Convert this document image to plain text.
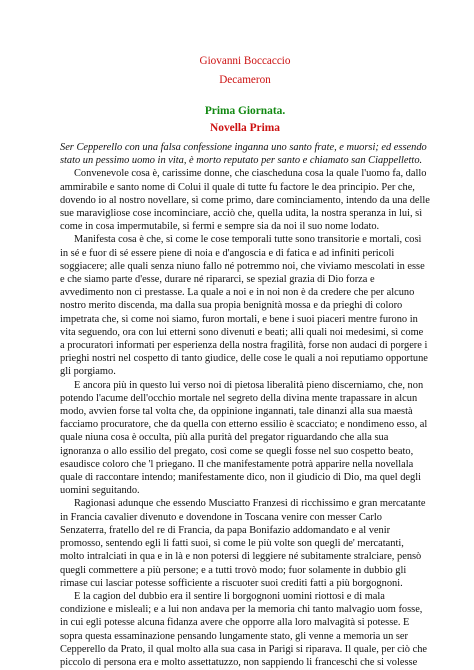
Giovanni Boccaccio
Decameron
Prima Giornata.
Novella Prima

Ser Cepperello con una falsa confessione inganna uno santo frate, e muorsi; ed essendo stato un pessimo uomo in vita, è morto reputato per santo e chiamato san Ciappelletto.

Convenevole cosa è, carissime donne, che ciascheduna cosa la quale l'uomo fa, dallo ammirabile e santo nome di Colui il quale di tutte fu factore le dea principio. Per che, dovendo io al nostro novellare, sì come primo, dare cominciamento, intendo da una delle sue maravigliose cose incominciare, acciò che, quella udita, la nostra speranza in lui, sì come in cosa impermutabile, si fermi e sempre sia da noi il suo nome lodato.

Manifesta cosa è che, sì come le cose temporali tutte sono transitorie e mortali, così in sé e fuor di sé essere piene di noia e d'angoscia e di fatica e ad infiniti pericoli soggiacere; alle quali senza niuno fallo né potremmo noi, che viviamo mescolati in esse e che siamo parte d'esse, durare né ripararci, se spezial grazia di Dio forza e avvedimento non ci prestasse. La quale a noi e in noi non è da credere che per alcuno nostro merito discenda, ma dalla sua propia benignità mossa e da prieghi di coloro impetrata che, sì come noi siamo, furon mortali, e bene i suoi piaceri mentre furono in vita seguendo, ora con lui etterni sono divenuti e beati; alli quali noi medesimi, sì come a procuratori informati per esperienza della nostra fragilità, forse non audaci di porgere i prieghi nostri nel cospetto di tanto giudice, delle cose le quali a noi reputiamo opportune gli porgiamo.

E ancora più in questo lui verso noi di pietosa liberalità pieno discerniamo, che, non potendo l'acume dell'occhio mortale nel segreto della divina mente trapassare in alcun modo, avvien forse tal volta che, da oppinione ingannati, tale dinanzi alla sua maestà facciamo procuratore, che da quella con etterno essilio è scacciato; e nondimeno esso, al quale niuna cosa è occulta, più alla purità del pregator riguardando che alla sua ignoranza o allo essilio del pregato, così come se quegli fosse nel suo cospetto beato, esaudisce coloro che 'l priegano. Il che manifestamente potrà apparire nella novellala quale di raccontare intendo; manifestamente dico, non il giudicio di Dio, ma quel degli uomini seguitando.

Ragionasi adunque che essendo Musciatto Franzesi di ricchissimo e gran mercatante in Francia cavalier divenuto e dovendone in Toscana venire con messer Carlo Senzaterra, fratello del re di Francia, da papa Bonifazio addomandato e al venir promosso, sentendo egli li fatti suoi, sì come le più volte son quegli de' mercatanti, molto intralciati in qua e in là e non potersi di leggiere né subitamente stralciare, pensò quegli commettere a più persone; e a tutti trovò modo; fuor solamente in dubbio gli rimase cui lasciar potesse sofficiente a riscuoter suoi crediti fatti a più borgognoni.

E la cagion del dubbio era il sentire li borgognoni uomini riottosi e di mala condizione e misleali; e a lui non andava per la memoria chi tanto malvagio uom fosse, in cui egli potesse alcuna fidanza avere che opporre alla loro malvagità si potesse. E sopra questa essaminazione pensando lungamente stato, gli venne a memoria un ser Cepperello da Prato, il qual molto alla sua casa in Parigi si riparava. Il quale, per ciò che piccolo di persona era e molto assettatuzzo, non sappiendo li franceschi che si volesse
